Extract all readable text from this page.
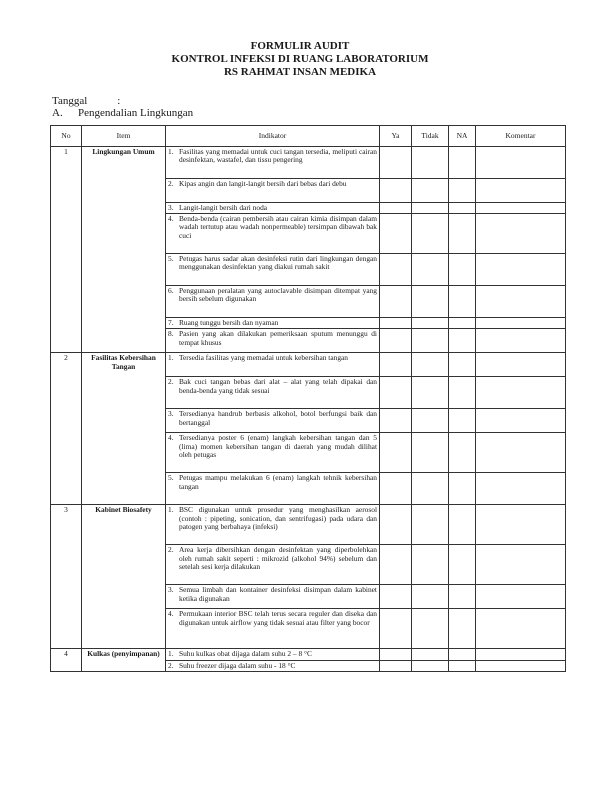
FORMULIR AUDIT
KONTROL INFEKSI DI RUANG LABORATORIUM
RS RAHMAT INSAN MEDIKA
Tanggal	:
A. Pengendalian Lingkungan
No	Item	Indikator	Ya	Tidak	NA	Komentar
1	Lingkungan Umum	1. Fasilitas yang memadai untuk cuci tangan tersedia, meliputi cairan desinfektan, wastafel, dan tissu pengering				

		2. Kipas angin dan langit-langit bersih dari bebas dari debu				

		3. Langit-langit bersih dari noda				

		4. Benda-benda (cairan pembersih atau cairan kimia disimpan dalam wadah tertutup atau wadah nonpermeable) tersimpan dibawah bak cuci				

		5. Petugas harus sadar akan desinfeksi rutin dari lingkungan dengan menggunakan desinfektan yang diakui rumah sakit				

		6. Penggunaan peralatan yang autoclavable disimpan ditempat yang bersih sebelum digunakan				

		7. Ruang tunggu bersih dan nyaman				

		8. Pasien yang akan dilakukan pemeriksaan sputum menunggu di tempat khusus				

2	Fasilitas Kebersihan Tangan	1. Tersedia fasilitas yang memadai untuk kebersihan tangan				

		2. Bak cuci tangan bebas dari alat – alat yang telah dipakai dan benda-benda yang tidak sesuai				

		3. Tersedianya handrub berbasis alkohol, botol berfungsi baik dan bertanggal				

		4. Tersedianya poster 6 (enam) langkah kebersihan tangan dan 5 (lima) momen kebersihan tangan di daerah yang mudah dilihat oleh petugas				

		5. Petugas mampu melakukan 6 (enam) langkah tehnik kebersihan tangan				

3	Kabinet Biosafety	1. BSC digunakan untuk prosedur yang menghasilkan aerosol (contoh : pipeting, sonication, dan sentrifugasi) pada udara dan patogen yang berbahaya (infeksi)				

		2. Area kerja dibersihkan dengan desinfektan yang diperbolehkan oleh rumah sakit seperti : mikrozid (alkohol 94%) sebelum dan setelah sesi kerja dilakukan				

		3. Semua limbah dan kontainer desinfeksi disimpan dalam kabinet ketika digunakan				

		4. Permukaan interior BSC telah terus secara reguler dan diseka dan digunakan untuk airflow yang tidak sesuai atau filter yang bocor				

4	Kulkas (penyimpanan)	1. Suhu kulkas obat dijaga dalam suhu 2 – 8 °C				

		2. Suhu freezer dijaga dalam suhu - 18 °C				
